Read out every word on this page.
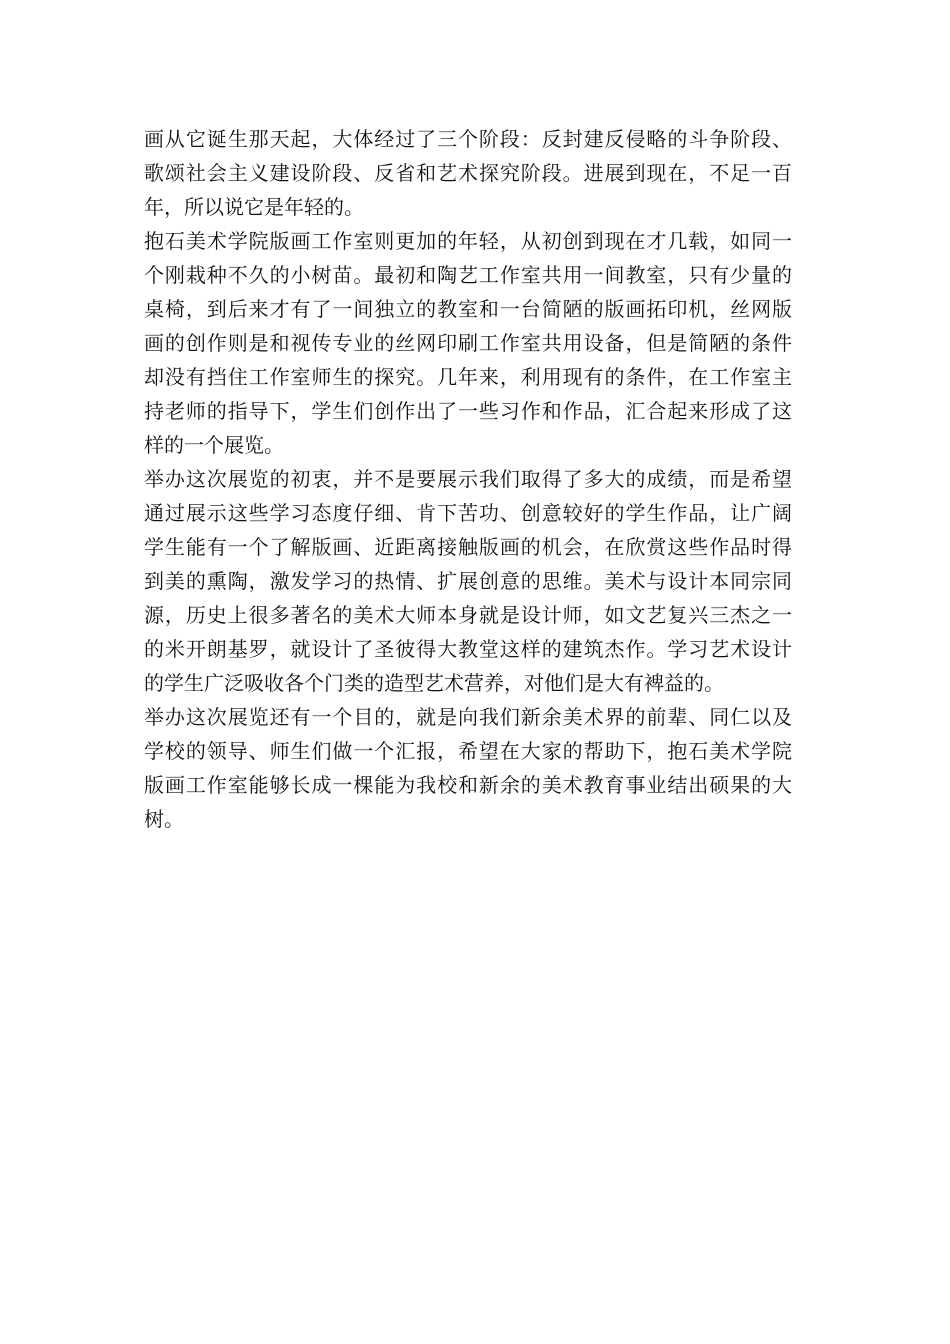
画从它诞生那天起，大体经过了三个阶段：反封建反侵略的斗争阶段、
歌颂社会主义建设阶段、反省和艺术探究阶段。进展到现在，不足一百
年，所以说它是年轻的。

抱石美术学院版画工作室则更加的年轻，从初创到现在才几载，如同一
个刚栽种不久的小树苗。最初和陶艺工作室共用一间教室，只有少量的
桌椅，到后来才有了一间独立的教室和一台简陋的版画拓印机，丝网版
画的创作则是和视传专业的丝网印刷工作室共用设备，但是简陋的条件
却没有挡住工作室师生的探究。几年来，利用现有的条件，在工作室主
持老师的指导下，学生们创作出了一些习作和作品，汇合起来形成了这
样的一个展览。

举办这次展览的初衷，并不是要展示我们取得了多大的成绩，而是希望
通过展示这些学习态度仔细、肯下苦功、创意较好的学生作品，让广阔
学生能有一个了解版画、近距离接触版画的机会，在欣赏这些作品时得
到美的熏陶，激发学习的热情、扩展创意的思维。美术与设计本同宗同
源，历史上很多著名的美术大师本身就是设计师，如文艺复兴三杰之一
的米开朗基罗，就设计了圣彼得大教堂这样的建筑杰作。学习艺术设计
的学生广泛吸收各个门类的造型艺术营养，对他们是大有裨益的。

举办这次展览还有一个目的，就是向我们新余美术界的前辈、同仁以及
学校的领导、师生们做一个汇报，希望在大家的帮助下，抱石美术学院
版画工作室能够长成一棵能为我校和新余的美术教育事业结出硕果的大
树。
